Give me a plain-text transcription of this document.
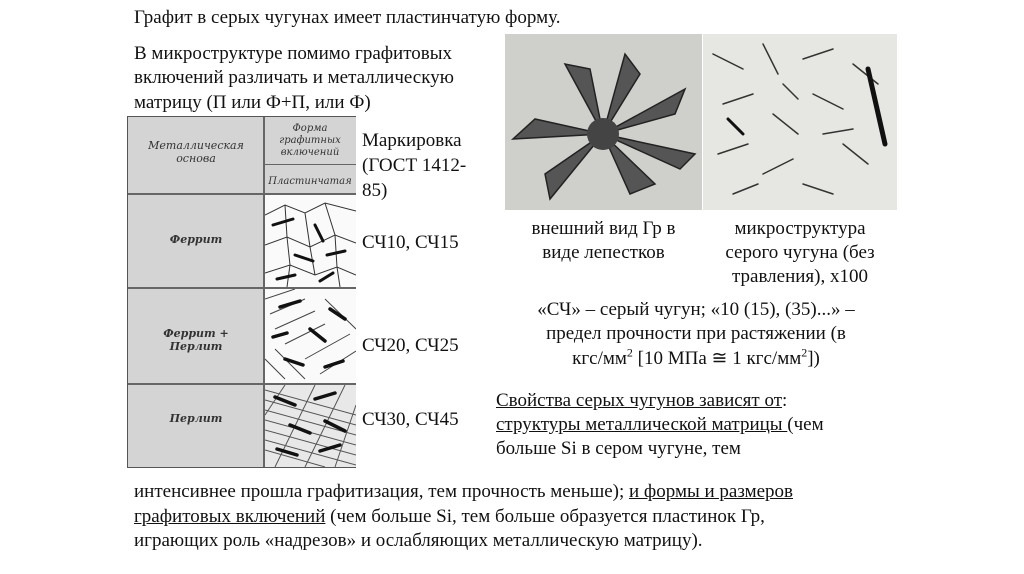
Графит в серых чугунах имеет пластинчатую форму.
В микроструктуре помимо графитовых
включений различать и металлическую
матрицу (П или Ф+П, или Ф)
Металлическая
основа
Форма
графитных
включений
Пластинчатая
Феррит
Феррит + Перлит
Перлит
Маркировка
(ГОСТ 1412-
85)
СЧ10, СЧ15
СЧ20, СЧ25
СЧ30, СЧ45
внешний вид Гр в
виде лепестков
микроструктура
серого чугуна (без
травления), х100
«СЧ» – серый чугун; «10 (15), (35)...» –
предел прочности при растяжении (в
кгс/$мм^2$ [10 МПа ≅ 1 кгс/$мм^2$])
Свойства серых чугунов зависят от:
структуры металлической матрицы (чем
больше Si в сером чугуне, тем
интенсивнее прошла графитизация, тем прочность меньше); и формы и размеров
графитовых включений (чем больше Si, тем больше образуется пластинок Гр,
играющих роль «надрезов» и ослабляющих металлическую матрицу).
